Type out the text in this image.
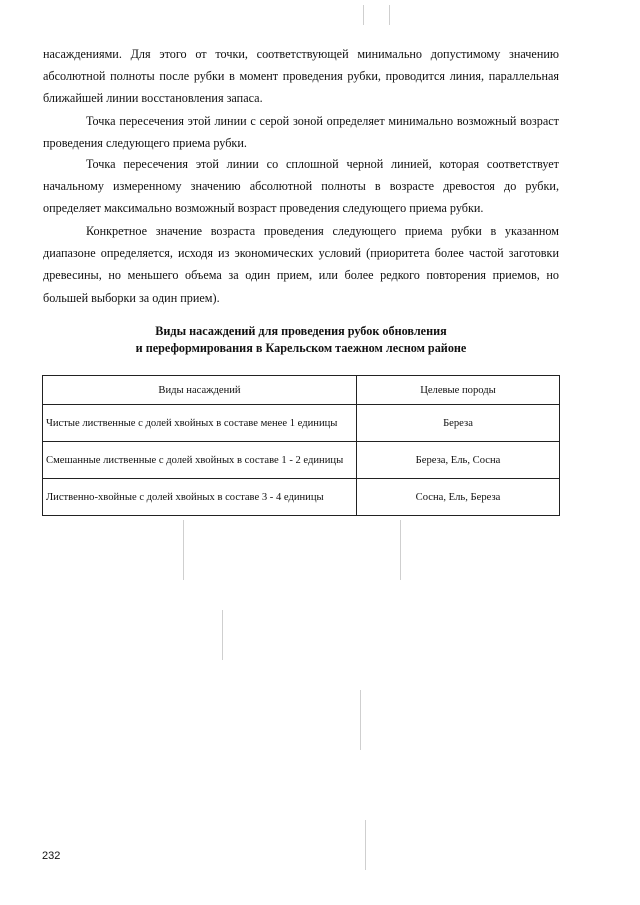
насаждениями. Для этого от точки, соответствующей минимально допустимому значению абсолютной полноты после рубки в момент проведения рубки, проводится линия, параллельная ближайшей линии восстановления запаса.

Точка пересечения этой линии с серой зоной определяет минимально возможный возраст проведения следующего приема рубки.

Точка пересечения этой линии со сплошной черной линией, которая соответствует начальному измеренному значению абсолютной полноты в возрасте древостоя до рубки, определяет максимально возможный возраст проведения следующего приема рубки.

Конкретное значение возраста проведения следующего приема рубки в указанном диапазоне определяется, исходя из экономических условий (приоритета более частой заготовки древесины, но меньшего объема за один прием, или более редкого повторения приемов, но большей выборки за один прием).

Виды насаждений для проведения рубок обновления
и переформирования в Карельском таежном лесном районе
Виды насаждений	Целевые породы
Чистые лиственные с долей хвойных в составе менее 1 единицы	Береза
Смешанные лиственные с долей хвойных в составе 1 - 2 единицы	Береза, Ель, Сосна
Лиственно-хвойные с долей хвойных в составе 3 - 4 единицы	Сосна, Ель, Береза
232
